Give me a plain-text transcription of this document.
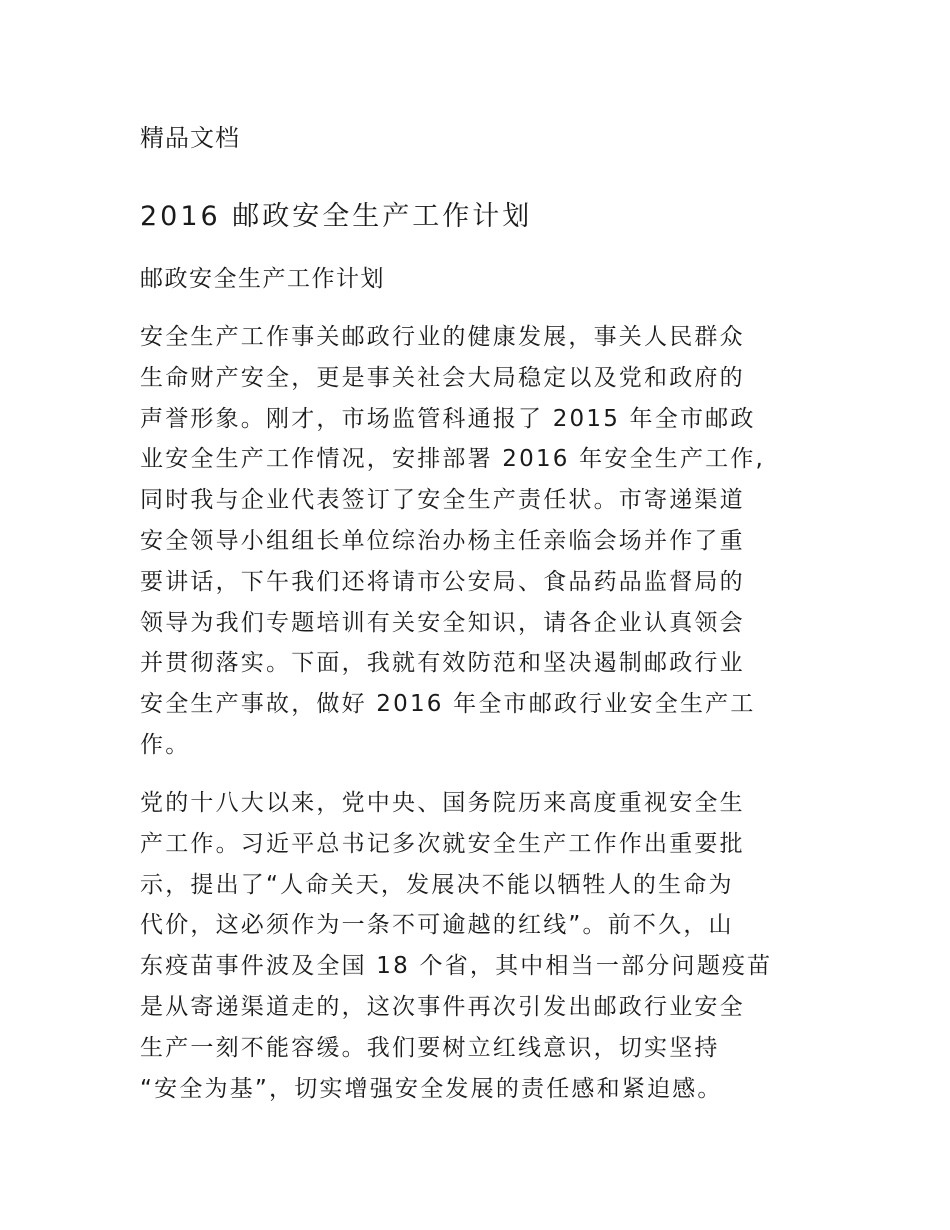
精品文档
2016 邮政安全生产工作计划
邮政安全生产工作计划

安全生产工作事关邮政行业的健康发展，事关人民群众
生命财产安全，更是事关社会大局稳定以及党和政府的
声誉形象。刚才，市场监管科通报了 2015 年全市邮政
业安全生产工作情况，安排部署 2016 年安全生产工作,
同时我与企业代表签订了安全生产责任状。市寄递渠道
安全领导小组组长单位综治办杨主任亲临会场并作了重
要讲话，下午我们还将请市公安局、食品药品监督局的
领导为我们专题培训有关安全知识，请各企业认真领会
并贯彻落实。下面，我就有效防范和坚决遏制邮政行业
安全生产事故，做好 2016 年全市邮政行业安全生产工
作。

党的十八大以来，党中央、国务院历来高度重视安全生
产工作。习近平总书记多次就安全生产工作作出重要批
示，提出了“人命关天，发展决不能以牺牲人的生命为
代价，这必须作为一条不可逾越的红线”。前不久，山
东疫苗事件波及全国 18 个省，其中相当一部分问题疫苗
是从寄递渠道走的，这次事件再次引发出邮政行业安全
生产一刻不能容缓。我们要树立红线意识，切实坚持
“安全为基”，切实增强安全发展的责任感和紧迫感。
